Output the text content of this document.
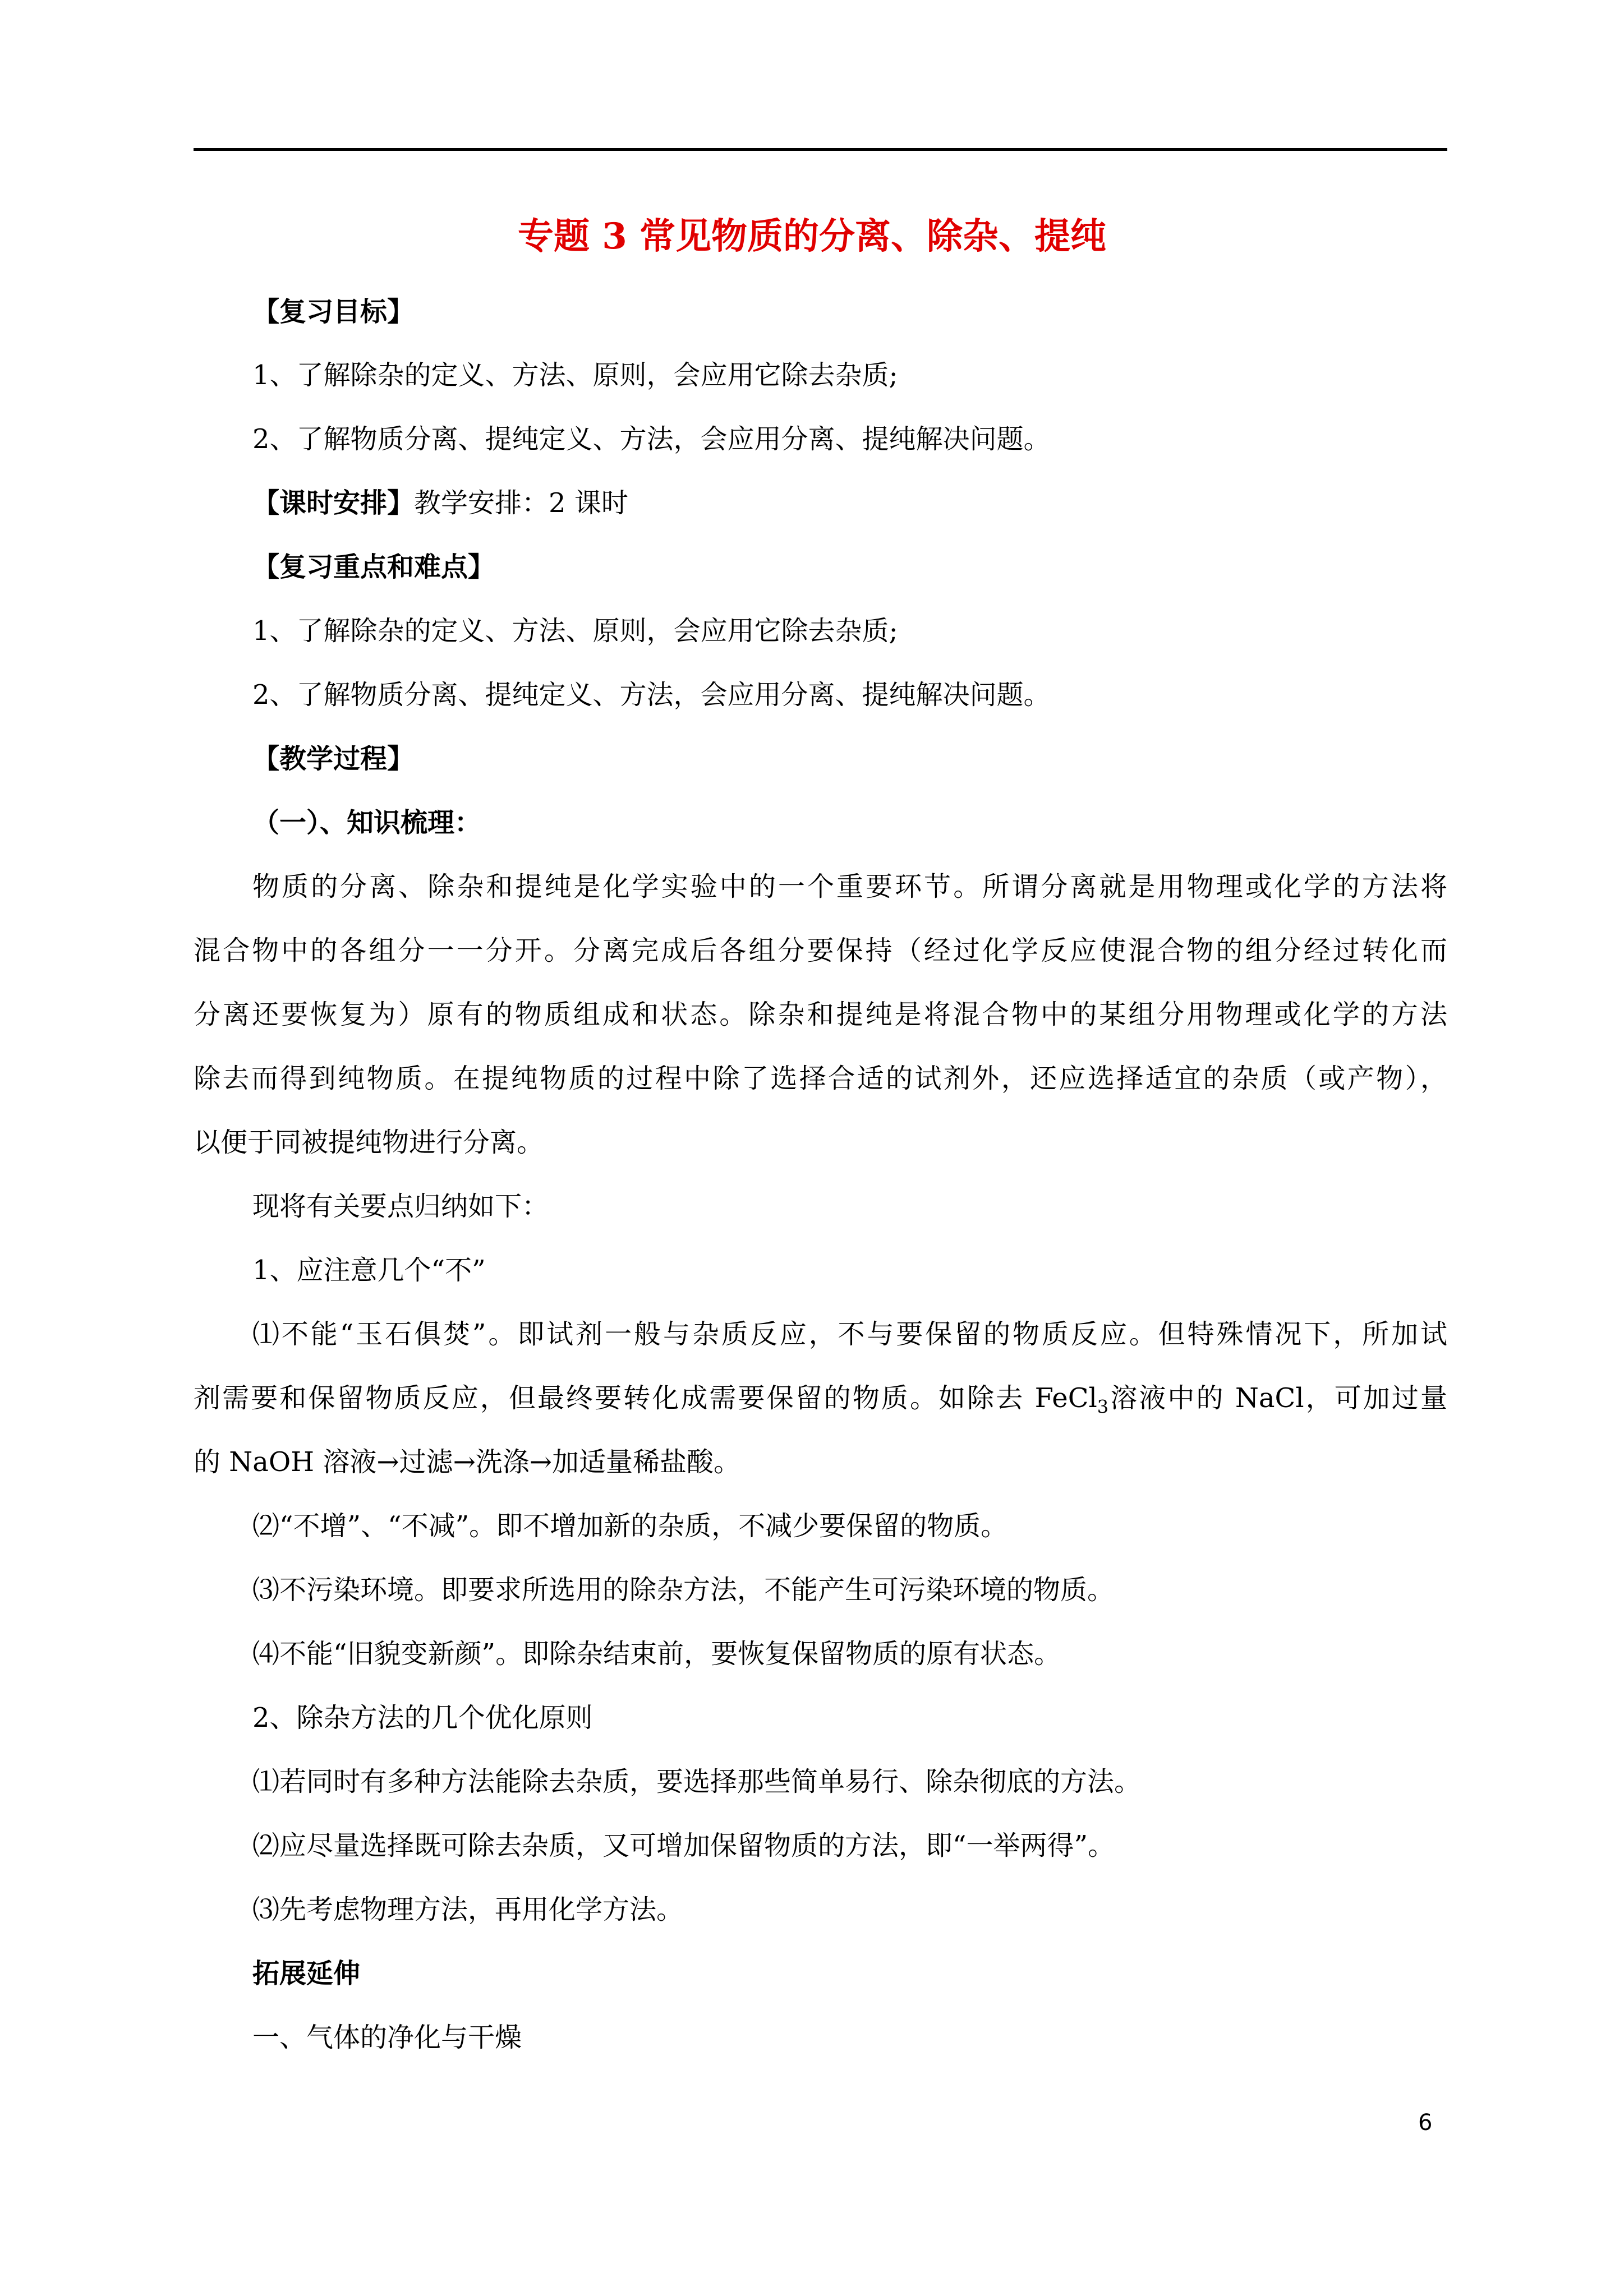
专题 3 常见物质的分离、除杂、提纯
【复习目标】
1、了解除杂的定义、方法、原则，会应用它除去杂质;
2、了解物质分离、提纯定义、方法，会应用分离、提纯解决问题。
【课时安排】教学安排：2 课时
【复习重点和难点】
1、了解除杂的定义、方法、原则，会应用它除去杂质;
2、了解物质分离、提纯定义、方法，会应用分离、提纯解决问题。
【教学过程】
（一）、知识梳理：
物质的分离、除杂和提纯是化学实验中的一个重要环节。所谓分离就是用物理或化学的方法将
混合物中的各组分一一分开。分离完成后各组分要保持（经过化学反应使混合物的组分经过转化而
分离还要恢复为）原有的物质组成和状态。除杂和提纯是将混合物中的某组分用物理或化学的方法
除去而得到纯物质。在提纯物质的过程中除了选择合适的试剂外，还应选择适宜的杂质（或产物），
以便于同被提纯物进行分离。
现将有关要点归纳如下：
1、应注意几个“不”
⑴不能“玉石俱焚”。即试剂一般与杂质反应，不与要保留的物质反应。但特殊情况下，所加试
剂需要和保留物质反应，但最终要转化成需要保留的物质。如除去 FeCl$_3$溶液中的 NaCl，可加过量
的 NaOH 溶液→过滤→洗涤→加适量稀盐酸。
⑵“不增”、“不减”。即不增加新的杂质，不减少要保留的物质。
⑶不污染环境。即要求所选用的除杂方法，不能产生可污染环境的物质。
⑷不能“旧貌变新颜”。即除杂结束前，要恢复保留物质的原有状态。
2、除杂方法的几个优化原则
⑴若同时有多种方法能除去杂质，要选择那些简单易行、除杂彻底的方法。
⑵应尽量选择既可除去杂质，又可增加保留物质的方法，即“一举两得”。
⑶先考虑物理方法，再用化学方法。
拓展延伸
一、气体的净化与干燥
6
